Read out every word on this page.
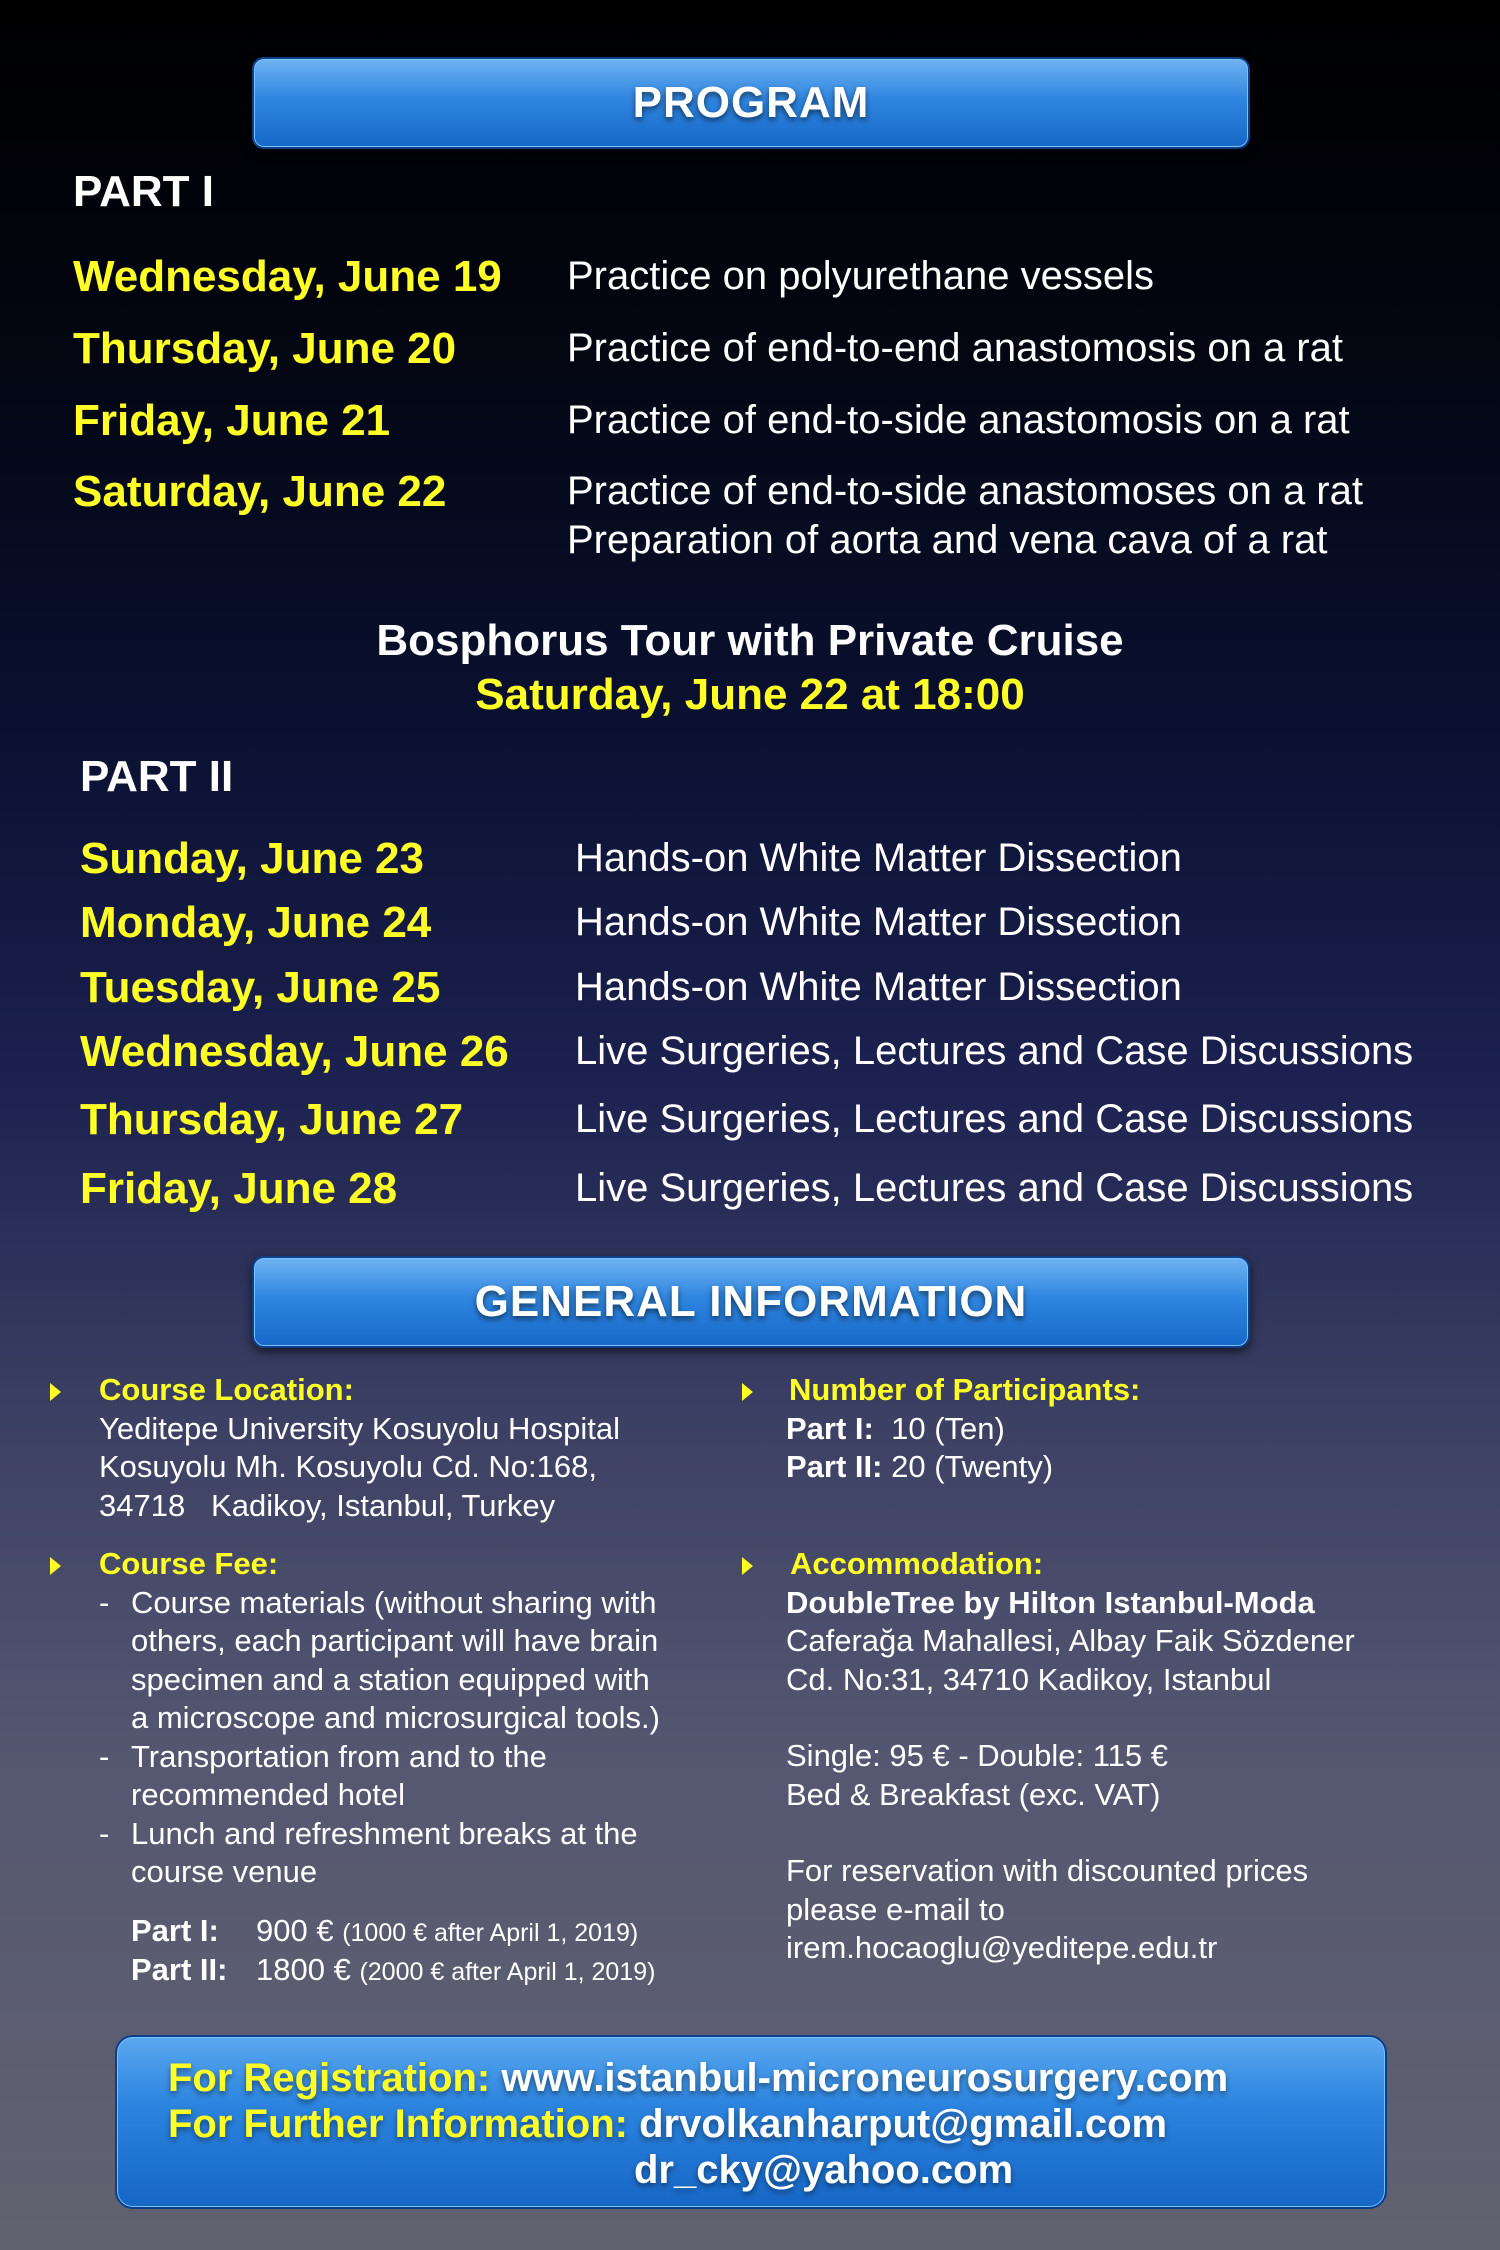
PROGRAM
PART I
Wednesday, June 19 Practice on polyurethane vessels
Thursday, June 20	Practice of end-to-end anastomosis on a rat
Friday, June 21	Practice of end-to-side anastomosis on a rat
Saturday, June 22	Practice of end-to-side anastomoses on a rat
Preparation of aorta and vena cava of a rat
Bosphorus Tour with Private Cruise
Saturday, June 22 at 18:00
PART II
Sunday, June 23	Hands-on White Matter Dissection
Monday, June 24	Hands-on White Matter Dissection
Tuesday, June 25	Hands-on White Matter Dissection
Wednesday, June 26 Live Surgeries, Lectures and Case Discussions
Thursday, June 27	Live Surgeries, Lectures and Case Discussions
Friday, June 28	Live Surgeries, Lectures and Case Discussions
GENERAL INFORMATION
Course Location:
Yeditepe University Kosuyolu Hospital
Kosuyolu Mh. Kosuyolu Cd. No:168,
34718   Kadikoy, Istanbul, Turkey
Number of Participants:
Part I: 10 (Ten)
Part II: 20 (Twenty)
Course Fee:
- Course materials (without sharing with
others, each participant will have brain
specimen and a station equipped with
a microscope and microsurgical tools.)
- Transportation from and to the
recommended hotel
- Lunch and refreshment breaks at the
course venue
Part I: 900 € (1000 € after April 1, 2019)
Part II: 1800 € (2000 € after April 1, 2019)
Accommodation:
DoubleTree by Hilton Istanbul-Moda
Caferağa Mahallesi, Albay Faik Sözdener
Cd. No:31, 34710 Kadikoy, Istanbul
Single: 95 € - Double: 115 €
Bed & Breakfast (exc. VAT)
For reservation with discounted prices
please e-mail to
irem.hocaoglu@yeditepe.edu.tr
For Registration: www.istanbul-microneurosurgery.com
For Further Information: drvolkanharput@gmail.com
dr_cky@yahoo.com
